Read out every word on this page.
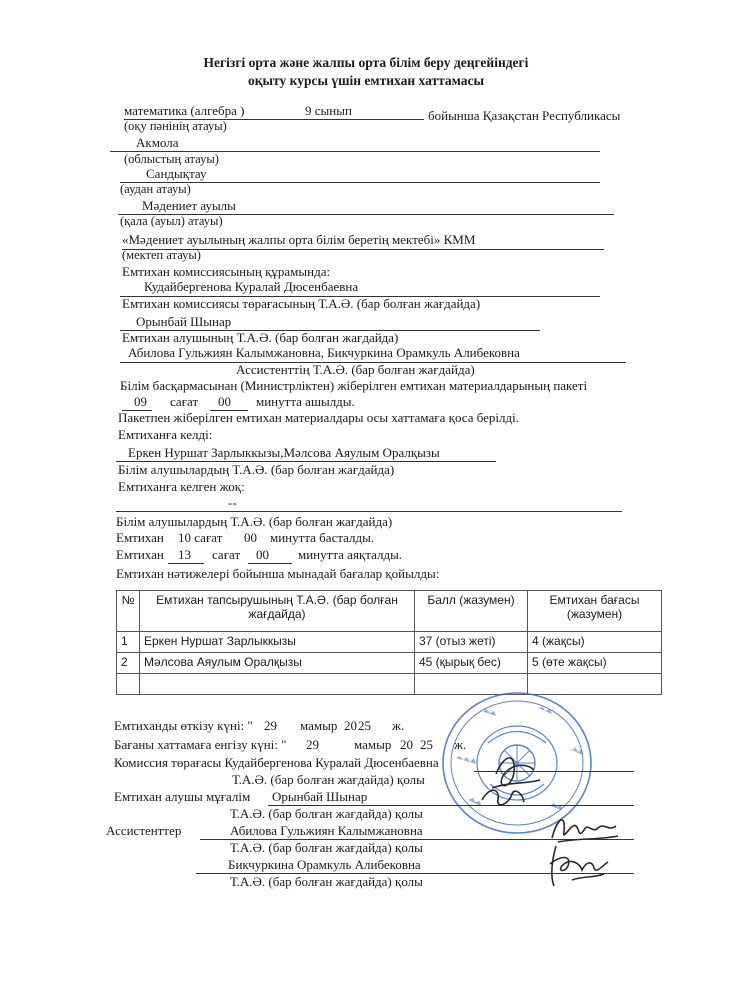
Негізгі орта және жалпы орта білім беру деңгейіндегі
оқыту курсы үшін емтихан хаттамасы
математика (алгебра )	9 сынып	бойынша Қазақстан Республикасы
(оқу пәнінің атауы)
Акмола
(облыстың атауы)
Сандықтау
(аудан атауы)
Мәдениет ауылы
(қала (ауыл) атауы)
«Мәдениет ауылының жалпы орта білім беретің мектебі» КММ
(мектеп атауы)
Емтихан комиссиясының құрамында:
Кудайбергенова Куралай Дюсенбаевна
Емтихан комиссиясы төрағасының Т.А.Ә. (бар болған жағдайда)
Орынбай Шынар
Емтихан алушының Т.А.Ә. (бар болған жағдайда)
Абилова Гульжиян Калымжановна, Бикчуркина Орамкуль Алибековна
Ассистенттің Т.А.Ә. (бар болған жағдайда)
Білім басқармасынан (Министрліктен) жіберілген емтихан материалдарының пакеті
09 сағат 00 минутта ашылды.
Пакетпен жіберілген емтихан материалдары осы хаттамаға қоса берілді.
Емтиханға келді:
Еркен Нуршат Зарлыккызы,Мәлсова Аяулым Оралқызы
Білім алушылардың Т.А.Ә. (бар болған жағдайда)
Емтиханға келген жоқ:
--
Білім алушылардың Т.А.Ә. (бар болған жағдайда)
Емтихан 10 сағат 00 минутта басталды.
Емтихан 13 сағат 00 минутта аяқталды.
Емтихан нәтижелері бойынша мынадай бағалар қойылды:
№	Емтихан тапсырушының Т.А.Ә. (бар болған жағдайда)	Балл (жазумен)	Емтихан бағасы (жазумен)
1	Еркен Нуршат Зарлыккызы	37 (отыз жеті)	4 (жақсы)
2	Мәлсова Аяулым Оралқызы	45 (қырық бес)	5 (өте жақсы)

Емтиханды өткізу күні: " 29 мамыр 20 25 ж.
Бағаны хаттамаға енгізу күні: " 29	мамыр 20 25 ж.
Комиссия төрағасы Кудайбергенова Куралай Дюсенбаевна
Т.А.Ә. (бар болған жағдайда) қолы
Емтихан алушы мұғалім Орынбай Шынар
Т.А.Ә. (бар болған жағдайда) қолы
Ассистенттер	Абилова Гульжиян Калымжановна
Т.А.Ә. (бар болған жағдайда) қолы
Бикчуркина Орамкуль Алибековна
Т.А.Ә. (бар болған жағдайда) қолы
